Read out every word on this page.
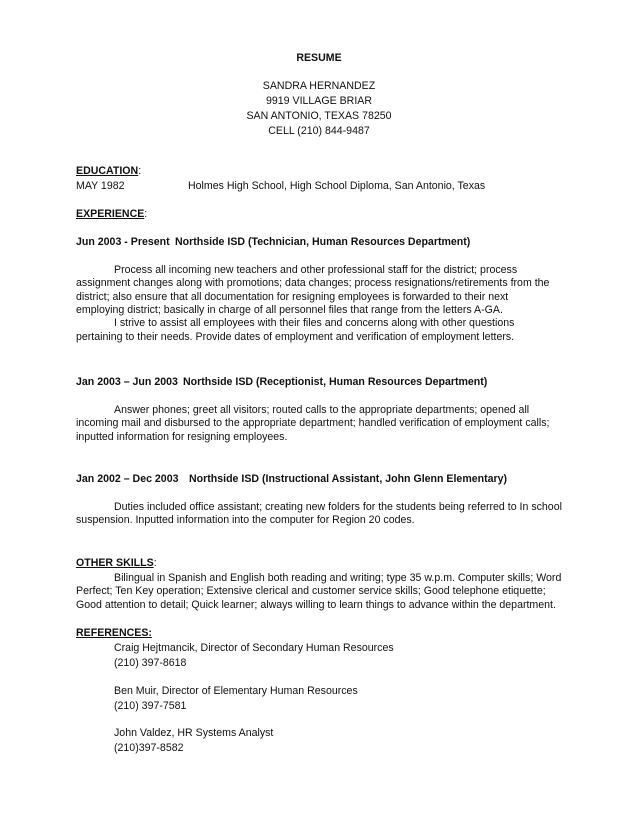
RESUME
SANDRA HERNANDEZ
9919 VILLAGE BRIAR
SAN ANTONIO, TEXAS 78250
CELL (210) 844-9487
EDUCATION:
MAY 1982	Holmes High School, High School Diploma, San Antonio, Texas
EXPERIENCE:
Jun 2003 - Present Northside ISD (Technician, Human Resources Department)
Process all incoming new teachers and other professional staff for the district; process
assignment changes along with promotions; data changes; process resignations/retirements from the
district; also ensure that all documentation for resigning employees is forwarded to their next
employing district; basically in charge of all personnel files that range from the letters A-GA.
I strive to assist all employees with their files and concerns along with other questions
pertaining to their needs. Provide dates of employment and verification of employment letters.
Jan 2003 – Jun 2003 Northside ISD (Receptionist, Human Resources Department)
Answer phones; greet all visitors; routed calls to the appropriate departments; opened all
incoming mail and disbursed to the appropriate department; handled verification of employment calls;
inputted information for resigning employees.
Jan 2002 – Dec 2003 Northside ISD (Instructional Assistant, John Glenn Elementary)
Duties included office assistant; creating new folders for the students being referred to In school
suspension. Inputted information into the computer for Region 20 codes.
OTHER SKILLS:
Bilingual in Spanish and English both reading and writing; type 35 w.p.m. Computer skills; Word
Perfect; Ten Key operation; Extensive clerical and customer service skills; Good telephone etiquette;
Good attention to detail; Quick learner; always willing to learn things to advance within the department.
REFERENCES:
Craig Hejtmancik, Director of Secondary Human Resources
(210) 397-8618
Ben Muir, Director of Elementary Human Resources
(210) 397-7581
John Valdez, HR Systems Analyst
(210)397-8582
